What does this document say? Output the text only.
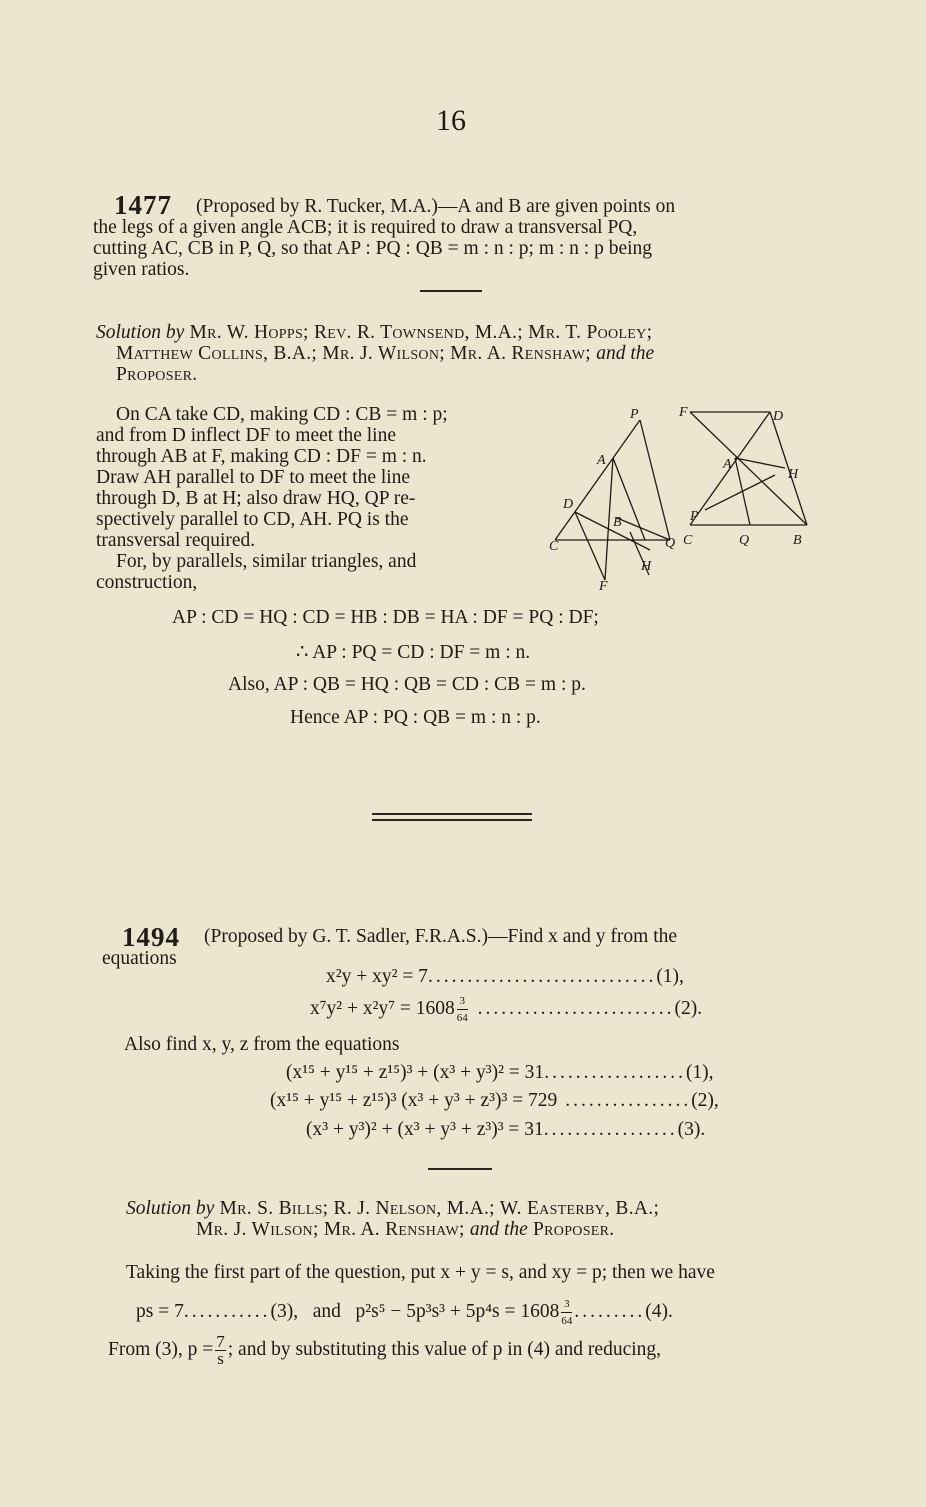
16
1477 (Proposed by R. Tucker, M.A.)—A and B are given points on
the legs of a given angle ACB; it is required to draw a transversal PQ,
cutting AC, CB in P, Q, so that AP : PQ : QB = m : n : p; m : n : p being
given ratios.
Solution by Mr. W. Hopps; Rev. R. Townsend, M.A.; Mr. T. Pooley;
Matthew Collins, B.A.; Mr. J. Wilson; Mr. A. Renshaw; and the
Proposer.
On CA take CD, making CD : CB = m : p;
and from D inflect DF to meet the line
through AB at F, making CD : DF = m : n.
Draw AH parallel to DF to meet the line
through D, B at H; also draw HQ, QP re-
spectively parallel to CD, AH. PQ is the
transversal required.
For, by parallels, similar triangles, and
construction,
P
A
D
B
C
H
F
Q
F	D
A
H
P
C	Q	B
AP : CD = HQ : CD = HB : DB = HA : DF = PQ : DF;
∴ AP : PQ = CD : DF = m : n.
Also, AP : QB = HQ : QB = CD : CB = m : p.
Hence AP : PQ : QB = m : n : p.
1494 (Proposed by G. T. Sadler, F.R.A.S.)—Find x and y from the
equations
x²y + xy² = 7.............................(1),
$x^7y^2 + x^2y^7 = 1608 \frac{3}{64} .........................(2)$.
Also find x, y, z from the equations
(x¹⁵ + y¹⁵ + z¹⁵)³ + (x³ + y³)² = 31..................(1),
(x¹⁵ + y¹⁵ + z¹⁵)³ (x³ + y³ + z³)³ = 729 ................(2),
(x³ + y³)² + (x³ + y³ + z³)³ = 31.................(3).
Solution by Mr. S. Bills; R. J. Nelson, M.A.; W. Easterby, B.A.;
Mr. J. Wilson; Mr. A. Renshaw; and the Proposer.
Taking the first part of the question, put x + y = s, and xy = p; then we have
ps = 7...........(3), and $p^2s^5 - 5p^3s^3 + 5p^4s = 1608 \frac{3}{64} .........(4)$.
From (3), $p = \frac{7}{s}$ ; and by substituting this value of p in (4) and reducing,
